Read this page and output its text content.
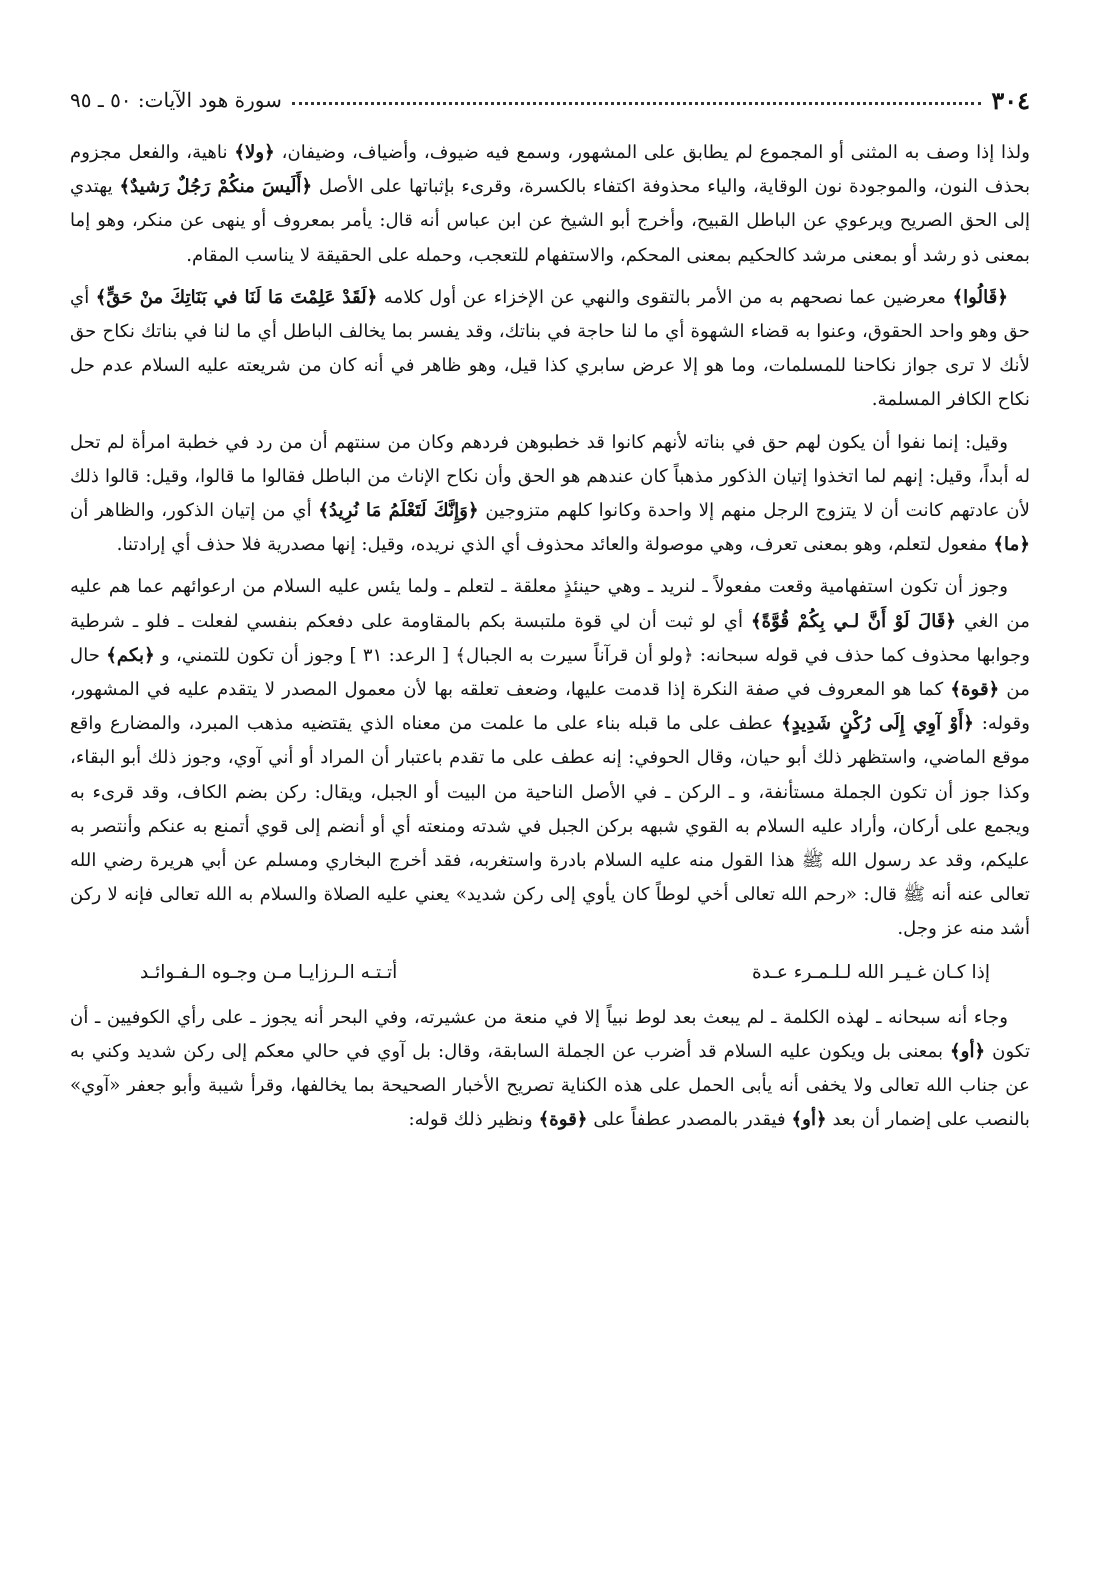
٣٠٤
سورة هود الآيات: ٥٠ ـ ٩٥

ولذا إذا وصف به المثنى أو المجموع لم يطابق على المشهور، وسمع فيه ضيوف، وأضياف، وضيفان، ﴿ولا﴾ ناهية، والفعل مجزوم بحذف النون، والموجودة نون الوقاية، والياء محذوفة اكتفاء بالكسرة، وقرىء بإثباتها على الأصل ﴿أَلَيسَ منكُمْ رَجُلٌ رَشيدٌ﴾ يهتدي إلى الحق الصريح ويرعوي عن الباطل القبيح، وأخرج أبو الشيخ عن ابن عباس أنه قال: يأمر بمعروف أو ينهى عن منكر، وهو إما بمعنى ذو رشد أو بمعنى مرشد كالحكيم بمعنى المحكم، والاستفهام للتعجب، وحمله على الحقيقة لا يناسب المقام.

﴿قَالُوا﴾ معرضين عما نصحهم به من الأمر بالتقوى والنهي عن الإخزاء عن أول كلامه ﴿لَقَدْ عَلِمْتَ مَا لَنَا في بَنَاتِكَ منْ حَقٍّ﴾ أي حق وهو واحد الحقوق، وعنوا به قضاء الشهوة أي ما لنا حاجة في بناتك، وقد يفسر بما يخالف الباطل أي ما لنا في بناتك نكاح حق لأنك لا ترى جواز نكاحنا للمسلمات، وما هو إلا عرض سابري كذا قيل، وهو ظاهر في أنه كان من شريعته عليه السلام عدم حل نكاح الكافر المسلمة.

وقيل: إنما نفوا أن يكون لهم حق في بناته لأنهم كانوا قد خطبوهن فردهم وكان من سنتهم أن من رد في خطبة امرأة لم تحل له أبداً، وقيل: إنهم لما اتخذوا إتيان الذكور مذهباً كان عندهم هو الحق وأن نكاح الإناث من الباطل فقالوا ما قالوا، وقيل: قالوا ذلك لأن عادتهم كانت أن لا يتزوج الرجل منهم إلا واحدة وكانوا كلهم متزوجين ﴿وَإِنَّكَ لَتَعْلَمُ مَا نُرِيدُ﴾ أي من إتيان الذكور، والظاهر أن ﴿ما﴾ مفعول لتعلم، وهو بمعنى تعرف، وهي موصولة والعائد محذوف أي الذي نريده، وقيل: إنها مصدرية فلا حذف أي إرادتنا.

وجوز أن تكون استفهامية وقعت مفعولاً ـ لنريد ـ وهي حينئذٍ معلقة ـ لتعلم ـ ولما يئس عليه السلام من ارعوائهم عما هم عليه من الغي ﴿قَالَ لَوْ أَنَّ لـي بِكُمْ قُوَّةً﴾ أي لو ثبت أن لي قوة ملتبسة بكم بالمقاومة على دفعكم بنفسي لفعلت ـ فلو ـ شرطية وجوابها محذوف كما حذف في قوله سبحانه: ﴿ولو أن قرآناً سيرت به الجبال﴾ [ الرعد: ٣١ ] وجوز أن تكون للتمني، و ﴿بكم﴾ حال من ﴿قوة﴾ كما هو المعروف في صفة النكرة إذا قدمت عليها، وضعف تعلقه بها لأن معمول المصدر لا يتقدم عليه في المشهور، وقوله: ﴿أَوْ آوِي إِلَى رُكْنٍ شَدِيدٍ﴾ عطف على ما قبله بناء على ما علمت من معناه الذي يقتضيه مذهب المبرد، والمضارع واقع موقع الماضي، واستظهر ذلك أبو حيان، وقال الحوفي: إنه عطف على ما تقدم باعتبار أن المراد أو أني آوي، وجوز ذلك أبو البقاء، وكذا جوز أن تكون الجملة مستأنفة، و ـ الركن ـ في الأصل الناحية من البيت أو الجبل، ويقال: ركن بضم الكاف، وقد قرىء به ويجمع على أركان، وأراد عليه السلام به القوي شبهه بركن الجبل في شدته ومنعته أي أو أنضم إلى قوي أتمنع به عنكم وأنتصر به عليكم، وقد عد رسول الله ﷺ هذا القول منه عليه السلام بادرة واستغربه، فقد أخرج البخاري ومسلم عن أبي هريرة رضي الله تعالى عنه أنه ﷺ قال: «رحم الله تعالى أخي لوطاً كان يأوي إلى ركن شديد» يعني عليه الصلاة والسلام به الله تعالى فإنه لا ركن أشد منه عز وجل.

إذا كـان غـيـر الله لـلـمـرء عـدة
أتـتـه الـرزايـا مـن وجـوه الـفـوائـد

وجاء أنه سبحانه ـ لهذه الكلمة ـ لم يبعث بعد لوط نبياً إلا في منعة من عشيرته، وفي البحر أنه يجوز ـ على رأي الكوفيين ـ أن تكون ﴿أو﴾ بمعنى بل ويكون عليه السلام قد أضرب عن الجملة السابقة، وقال: بل آوي في حالي معكم إلى ركن شديد وكني به عن جناب الله تعالى ولا يخفى أنه يأبى الحمل على هذه الكناية تصريح الأخبار الصحيحة بما يخالفها، وقرأ شيبة وأبو جعفر «آوي» بالنصب على إضمار أن بعد ﴿أو﴾ فيقدر بالمصدر عطفاً على ﴿قوة﴾ ونظير ذلك قوله:
